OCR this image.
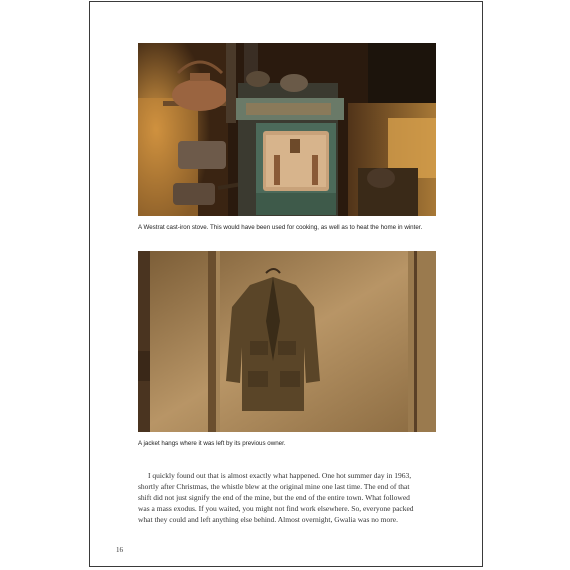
A Westrat cast-iron stove. This would have been used for cooking, as well as to heat the home in winter.
A jacket hangs where it was left by its previous owner.

I quickly found out that is almost exactly what happened. One hot summer day in 1963,
shortly after Christmas, the whistle blew at the original mine one last time. The end of that
shift did not just signify the end of the mine, but the end of the entire town. What followed
was a mass exodus. If you waited, you might not find work elsewhere. So, everyone packed
what they could and left anything else behind. Almost overnight, Gwalia was no more.

16
